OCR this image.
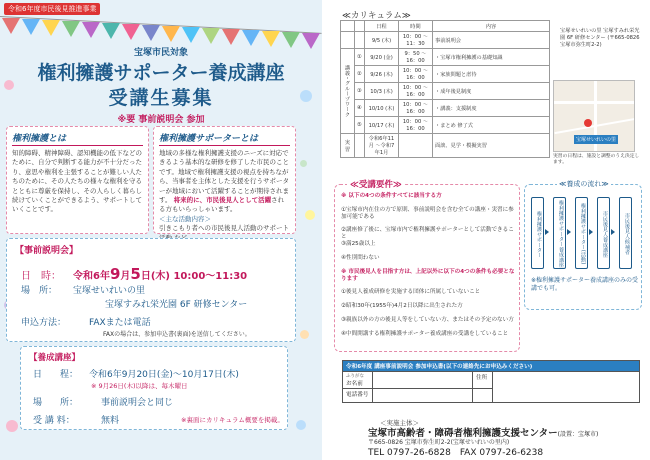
令和6年度市民後見推進事業
宝塚市民対象
権利擁護サポーター養成講座
受講生募集
※要 事前説明会 参加
権利擁護とは
知的障碍、精神障碍、認知機能の低下などのために、自分で判断する能力が不十分だったり、意思や権利を主張することが難しい人たちのために、その人たちの様々な権利を守るとともに尊厳を保持し、その人らしく暮らし続けていくことができるよう、サポートしていくことです。
権利擁護サポーターとは
地域の多様な権利擁護支援のニーズに対応できるよう基本的な研修を修了した市民のことです。地域で権利擁護支援の視点を持ちながら、当事者を主体とした支援を行うサポーターが地域において活躍することが期待されます。 将来的に、市民後見人として活躍される方もいらっしゃいます。
＜主な活動内容＞
引きこもり者への市民後見人活動のサポート
【事前説明会】
日　時： 令和6年9月5日(木) 10:00～11:30
場　所： 宝塚せいれいの里
宝塚すみれ栄光園 6F 研修センター
申込方法：	FAXまたは電話
FAXの場合は、参加申込書(裏面)を送信してください。
【養成講座】
日　　程： 令和6年9月20日(金)～10月17日(木)
※ 9月26日(木)以降は、毎木曜日
場　　所：	事前説明会と同じ
受 講 料：	無料	※裏面にカリキュラム概要を掲載。
≪カリキュラム≫
		日程	時間	内容
		9/5 (木)	10：00 ～11：30	事前説明会
講義・グループワーク	①	9/20 (金)	9：50 ～16：00	・宝塚市権利擁護の基礎知識
	②	9/26 (木)	10：00 ～16：00	・家族問題と虐待
	③	10/3 (木)	10：00 ～16：00	・成年後見制度
	④	10/10 (木)	10：00 ～16：00	・講義：支援制度
	⑤	10/17 (木)	10：00 ～16：00	・まとめ 修了式
実習		令和6年11月 ～令和7年1月		面談、見学・模擬実習
宝塚せいれいの里 宝塚すみれ栄光園 6F 研修センター (〒665-0826 宝塚市弥生町2-2)
宝塚せいれいの里
実習の日程は、施設と調整のうえ決定します。
≪受講要件≫
※ 以下の4つの条件すべてに該当する方
①宝塚市内在住の方で原則、事前説明会を含む全ての講座・実習に参加可能である
②講座修了後に、宝塚市内で権利擁護サポーターとして活動できること
③満25歳以上
④性別問わない
※ 市民後見人を目指す方は、上記以外に以下の4つの条件も必要となります
①後見人養成研修を実施する団体に所属していないこと
②昭和30年(1955年)4月2日以降に出生された方
③親族以外の方の後見人等をしていない方、またはその予定のない方
④中間開講する権利擁護サポーター養成講座の受講をしていること
≪養成の流れ≫
権利擁護サポーター	権利擁護サポーター養成講座	権利擁護サポーター(活動)	市民後見人養成講座	市民後見人候補者
※権利擁護サポーター養成講座のみの受講でも可。
令和6年度 講座事前説明会 参加申込書(以下の連絡先にお申込みください)			
ふりがな
お名前		住所	
電話番号			
＜実施主体＞
宝塚市高齢者・障碍者権利擁護支援センター(設置：宝塚市)
〒665-0826 宝塚市弥生町2-2(宝塚せいれいの里内)
TEL 0797-26-6828　FAX 0797-26-6238
